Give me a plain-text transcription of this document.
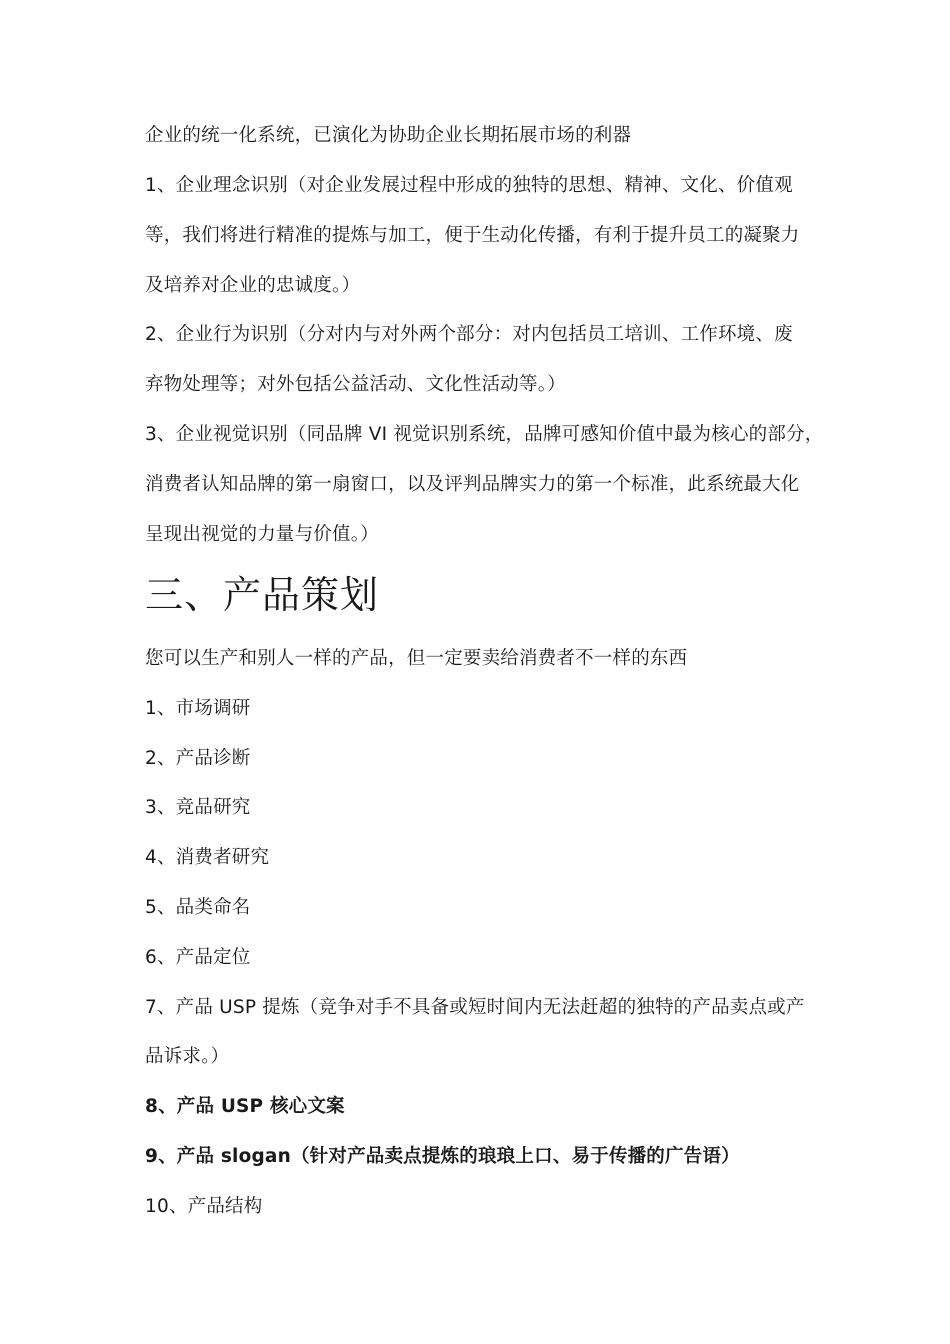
企业的统一化系统，已演化为协助企业长期拓展市场的利器
1、企业理念识别（对企业发展过程中形成的独特的思想、精神、文化、价值观
等，我们将进行精准的提炼与加工，便于生动化传播，有利于提升员工的凝聚力
及培养对企业的忠诚度。）
2、企业行为识别（分对内与对外两个部分：对内包括员工培训、工作环境、废
弃物处理等；对外包括公益活动、文化性活动等。）
3、企业视觉识别（同品牌 VI 视觉识别系统，品牌可感知价值中最为核心的部分，
消费者认知品牌的第一扇窗口，以及评判品牌实力的第一个标准，此系统最大化
呈现出视觉的力量与价值。）
三、产品策划
您可以生产和别人一样的产品，但一定要卖给消费者不一样的东西
1、市场调研
2、产品诊断
3、竞品研究
4、消费者研究
5、品类命名
6、产品定位
7、产品 USP 提炼（竞争对手不具备或短时间内无法赶超的独特的产品卖点或产
品诉求。）
8、产品 USP 核心文案
9、产品 slogan（针对产品卖点提炼的琅琅上口、易于传播的广告语）
10、产品结构
